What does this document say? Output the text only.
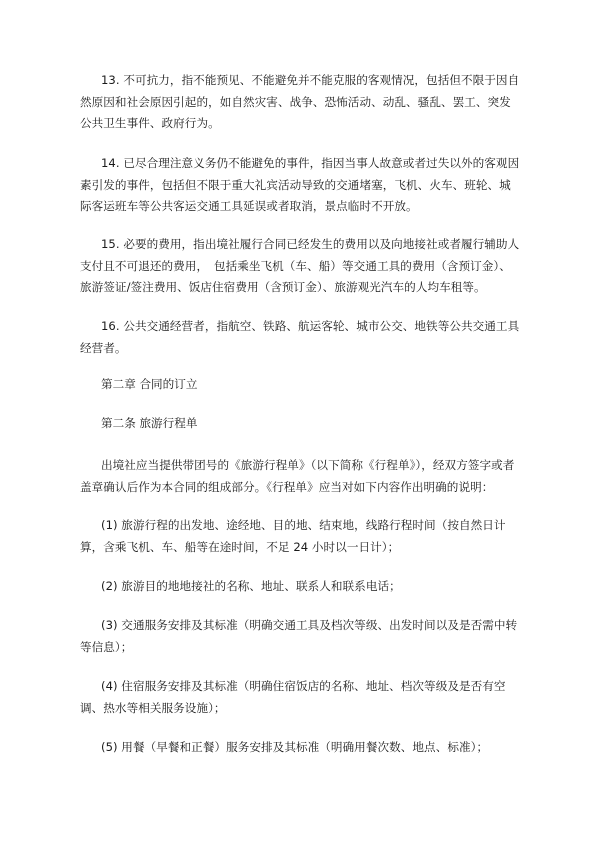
13. 不可抗力，指不能预见、不能避免并不能克服的客观情况，包括但不限于因自然原因和社会原因引起的，如自然灾害、战争、恐怖活动、动乱、骚乱、罢工、突发公共卫生事件、政府行为。

14. 已尽合理注意义务仍不能避免的事件，指因当事人故意或者过失以外的客观因素引发的事件，包括但不限于重大礼宾活动导致的交通堵塞，飞机、火车、班轮、城际客运班车等公共客运交通工具延误或者取消，景点临时不开放。

15. 必要的费用，指出境社履行合同已经发生的费用以及向地接社或者履行辅助人支付且不可退还的费用，　包括乘坐飞机（车、船）等交通工具的费用（含预订金）、旅游签证/签注费用、饭店住宿费用（含预订金）、旅游观光汽车的人均车租等。

16. 公共交通经营者，指航空、铁路、航运客轮、城市公交、地铁等公共交通工具经营者。

第二章 合同的订立

第二条 旅游行程单

出境社应当提供带团号的《旅游行程单》（以下简称《行程单》），经双方签字或者盖章确认后作为本合同的组成部分。《行程单》应当对如下内容作出明确的说明：

(1) 旅游行程的出发地、途经地、目的地、结束地，线路行程时间（按自然日计算，含乘飞机、车、船等在途时间，不足 24 小时以一日计）；

(2) 旅游目的地地接社的名称、地址、联系人和联系电话；

(3) 交通服务安排及其标准（明确交通工具及档次等级、出发时间以及是否需中转等信息）；

(4) 住宿服务安排及其标准（明确住宿饭店的名称、地址、档次等级及是否有空调、热水等相关服务设施）；

(5) 用餐（早餐和正餐）服务安排及其标准（明确用餐次数、地点、标准）；
